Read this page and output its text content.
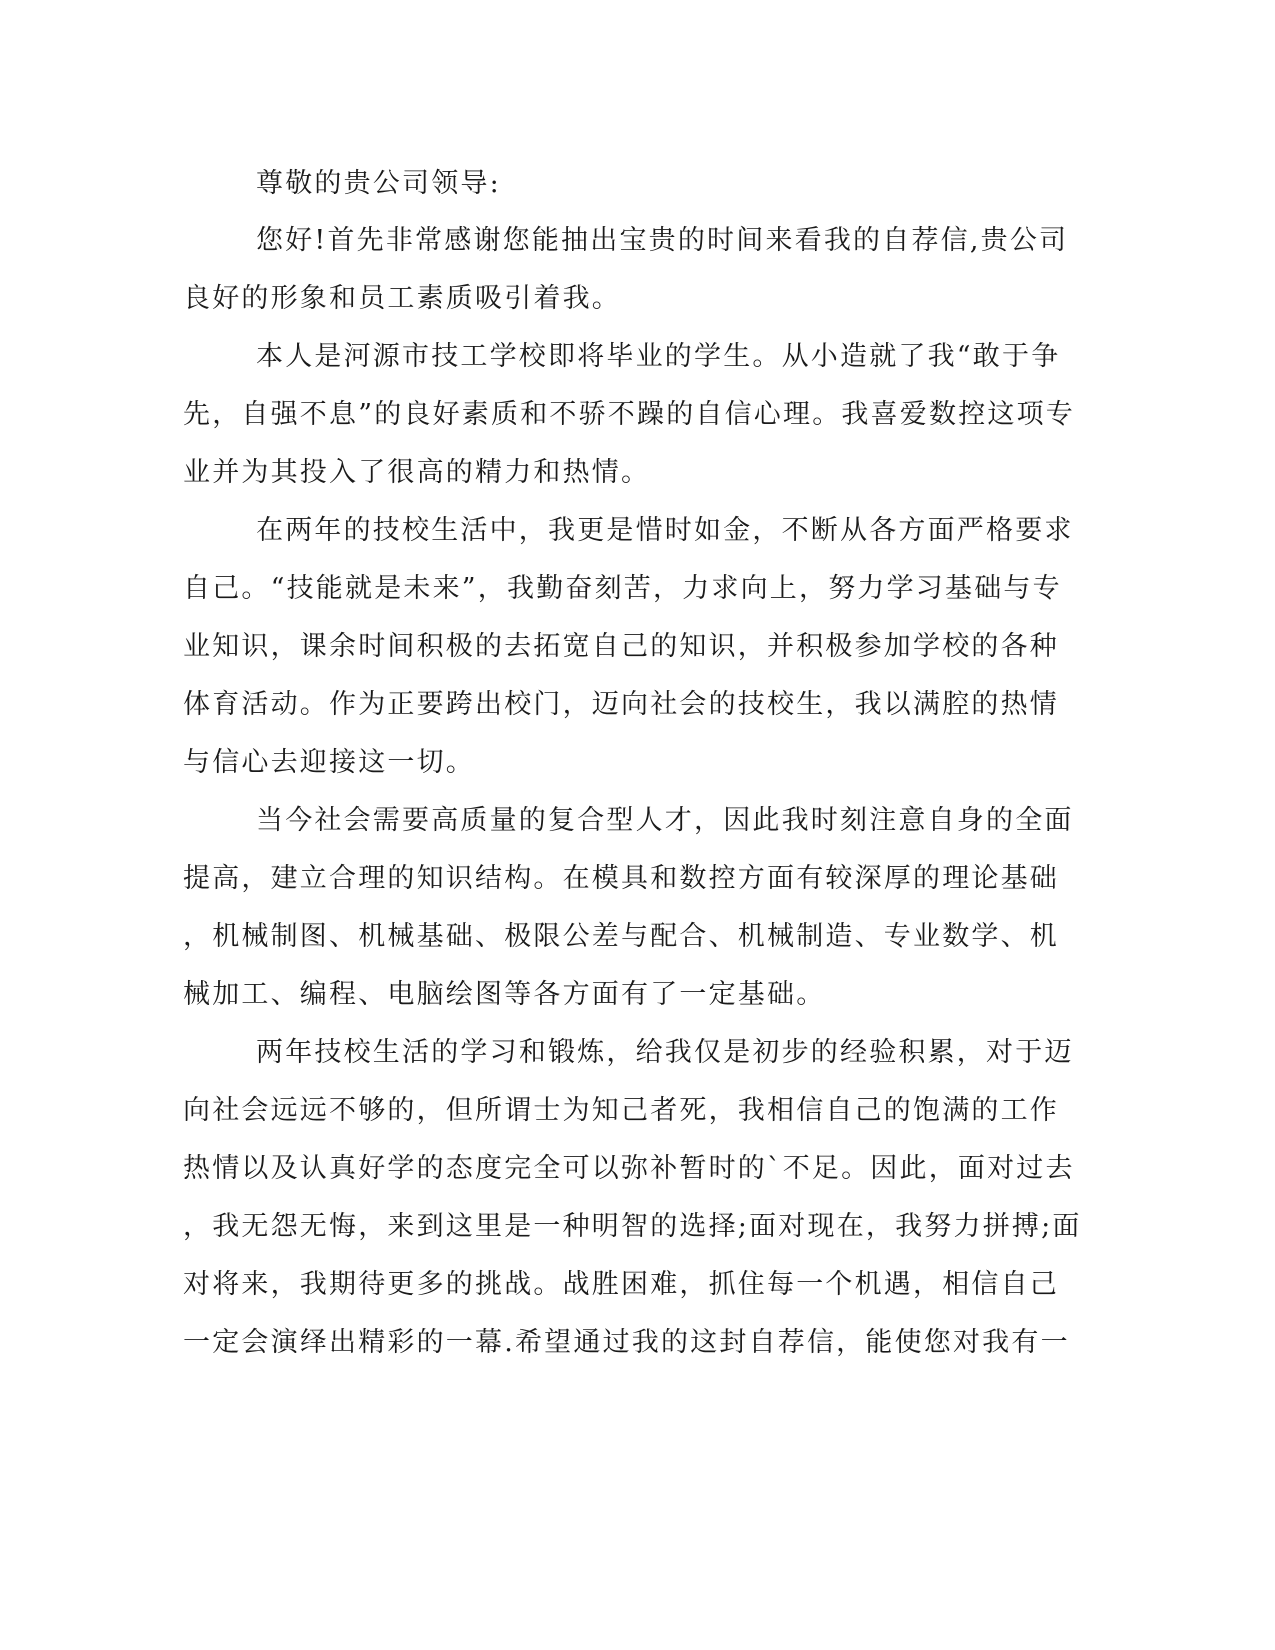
尊敬的贵公司领导:
您好!首先非常感谢您能抽出宝贵的时间来看我的自荐信,贵公司
良好的形象和员工素质吸引着我。
本人是河源市技工学校即将毕业的学生。从小造就了我“敢于争
先，自强不息”的良好素质和不骄不躁的自信心理。我喜爱数控这项专
业并为其投入了很高的精力和热情。
在两年的技校生活中，我更是惜时如金，不断从各方面严格要求
自己。“技能就是未来”，我勤奋刻苦，力求向上，努力学习基础与专
业知识，课余时间积极的去拓宽自己的知识，并积极参加学校的各种
体育活动。作为正要跨出校门，迈向社会的技校生，我以满腔的热情
与信心去迎接这一切。
当今社会需要高质量的复合型人才，因此我时刻注意自身的全面
提高，建立合理的知识结构。在模具和数控方面有较深厚的理论基础
，机械制图、机械基础、极限公差与配合、机械制造、专业数学、机
械加工、编程、电脑绘图等各方面有了一定基础。
两年技校生活的学习和锻炼，给我仅是初步的经验积累，对于迈
向社会远远不够的，但所谓士为知己者死，我相信自己的饱满的工作
热情以及认真好学的态度完全可以弥补暂时的`不足。因此，面对过去
，我无怨无悔，来到这里是一种明智的选择;面对现在，我努力拼搏;面
对将来，我期待更多的挑战。战胜困难，抓住每一个机遇，相信自己
一定会演绎出精彩的一幕.希望通过我的这封自荐信，能使您对我有一
